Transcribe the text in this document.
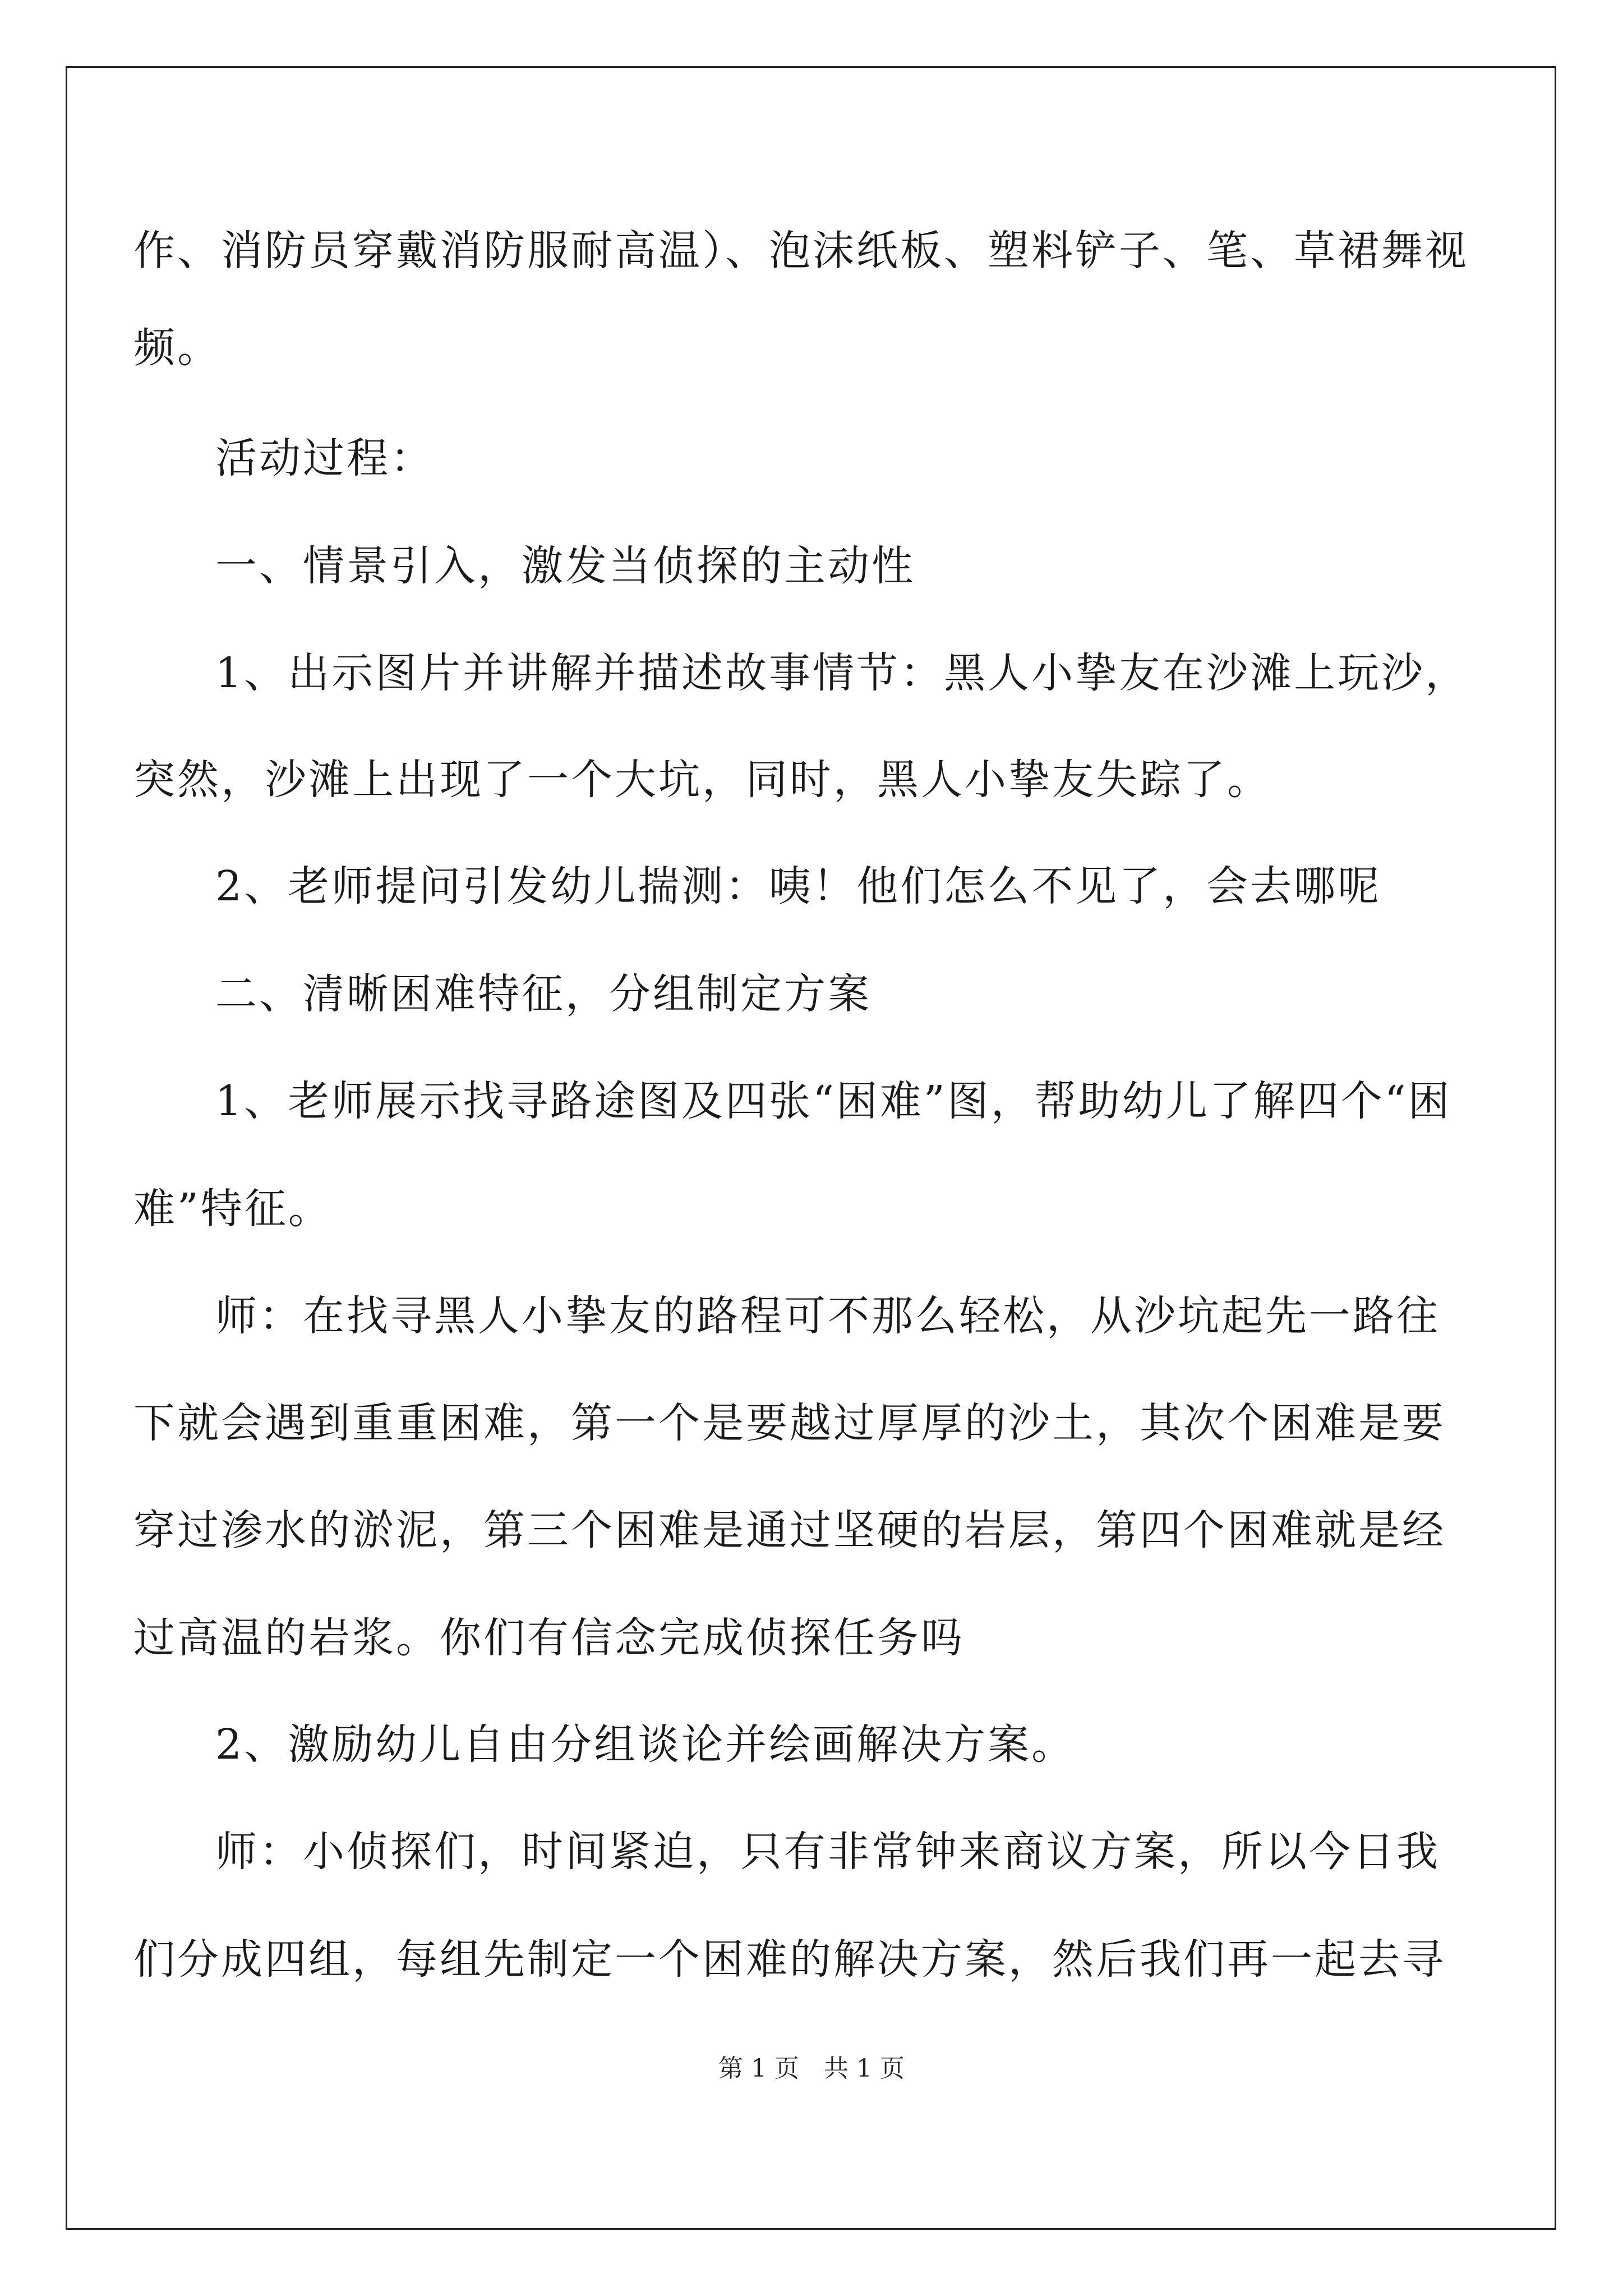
作、消防员穿戴消防服耐高温）、泡沫纸板、塑料铲子、笔、草裙舞视
频。
活动过程：
一、情景引入，激发当侦探的主动性
1、出示图片并讲解并描述故事情节：黑人小挚友在沙滩上玩沙，
突然，沙滩上出现了一个大坑，同时，黑人小挚友失踪了。
2、老师提问引发幼儿揣测：咦！他们怎么不见了，会去哪呢
二、清晰困难特征，分组制定方案
1、老师展示找寻路途图及四张“困难”图，帮助幼儿了解四个“困
难”特征。
师：在找寻黑人小挚友的路程可不那么轻松，从沙坑起先一路往
下就会遇到重重困难，第一个是要越过厚厚的沙土，其次个困难是要
穿过渗水的淤泥，第三个困难是通过坚硬的岩层，第四个困难就是经
过高温的岩浆。你们有信念完成侦探任务吗
2、激励幼儿自由分组谈论并绘画解决方案。
师：小侦探们，时间紧迫，只有非常钟来商议方案，所以今日我
们分成四组，每组先制定一个困难的解决方案，然后我们再一起去寻
第 1 页　共 1 页
